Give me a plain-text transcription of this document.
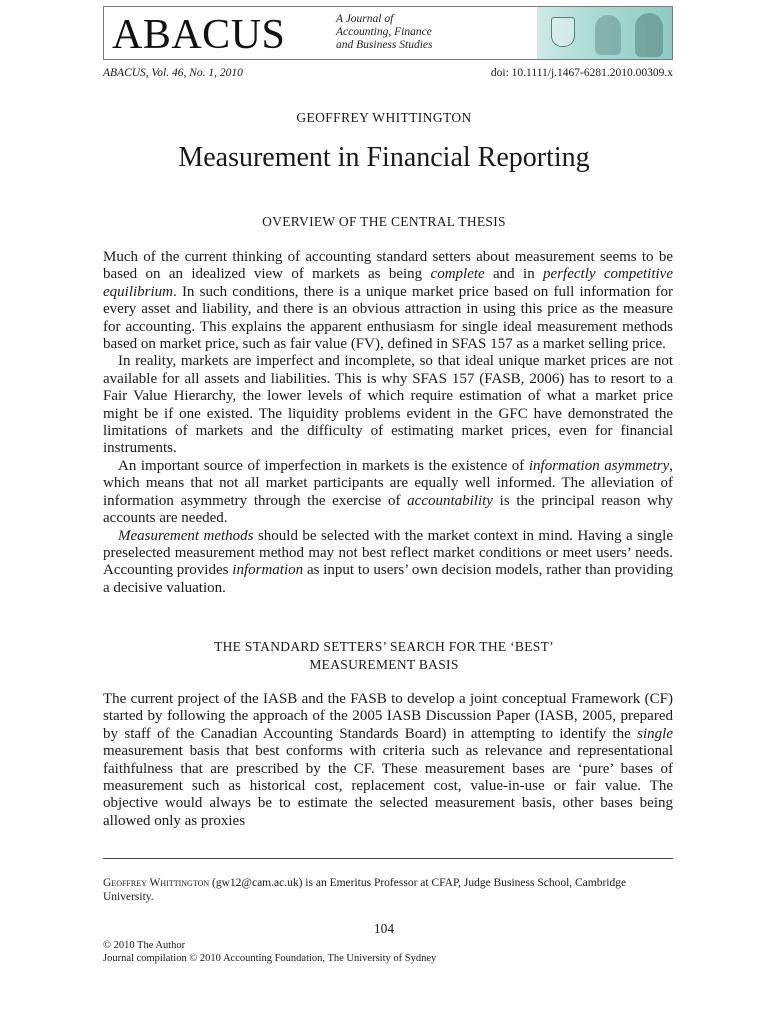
ABACUS	A Journal of
Accounting, Finance
and Business Studies
ABACUS, Vol. 46, No. 1, 2010	doi: 10.1111/j.1467-6281.2010.00309.x
GEOFFREY WHITTINGTON
Measurement in Financial Reporting
OVERVIEW OF THE CENTRAL THESIS

Much of the current thinking of accounting standard setters about measurement seems to be based on an idealized view of markets as being complete and in perfectly competitive equilibrium. In such conditions, there is a unique market price based on full information for every asset and liability, and there is an obvious attraction in using this price as the measure for accounting. This explains the apparent enthusiasm for single ideal measurement methods based on market price, such as fair value (FV), defined in SFAS 157 as a market selling price.

In reality, markets are imperfect and incomplete, so that ideal unique market prices are not available for all assets and liabilities. This is why SFAS 157 (FASB, 2006) has to resort to a Fair Value Hierarchy, the lower levels of which require estimation of what a market price might be if one existed. The liquidity problems evident in the GFC have demonstrated the limitations of markets and the difficulty of estimating market prices, even for financial instruments.

An important source of imperfection in markets is the existence of information asymmetry, which means that not all market participants are equally well informed. The alleviation of information asymmetry through the exercise of accountability is the principal reason why accounts are needed.

Measurement methods should be selected with the market context in mind. Having a single preselected measurement method may not best reflect market conditions or meet users’ needs. Accounting provides information as input to users’ own decision models, rather than providing a decisive valuation.

THE STANDARD SETTERS’ SEARCH FOR THE ‘BEST’
MEASUREMENT BASIS

The current project of the IASB and the FASB to develop a joint conceptual Framework (CF) started by following the approach of the 2005 IASB Discussion Paper (IASB, 2005, prepared by staff of the Canadian Accounting Standards Board) in attempting to identify the single measurement basis that best conforms with criteria such as relevance and representational faithfulness that are prescribed by the CF. These measurement bases are ‘pure’ bases of measurement such as historical cost, replacement cost, value-in-use or fair value. The objective would always be to estimate the selected measurement basis, other bases being allowed only as proxies

Geoffrey Whittington (gw12@cam.ac.uk) is an Emeritus Professor at CFAP, Judge Business School, Cambridge University.
104
© 2010 The Author
Journal compilation © 2010 Accounting Foundation, The University of Sydney
